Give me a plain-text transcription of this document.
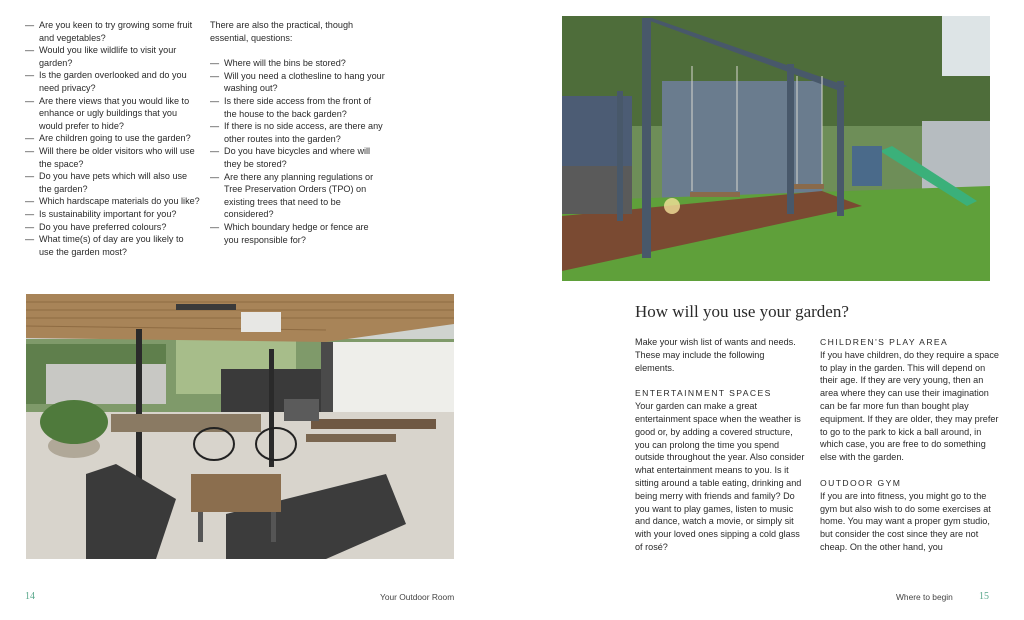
— Are you keen to try growing some fruit and vegetables?
— Would you like wildlife to visit your garden?
— Is the garden overlooked and do you need privacy?
— Are there views that you would like to enhance or ugly buildings that you would prefer to hide?
— Are children going to use the garden?
— Will there be older visitors who will use the space?
— Do you have pets which will also use the garden?
— Which hardscape materials do you like?
— Is sustainability important for you?
— Do you have preferred colours?
— What time(s) of day are you likely to use the garden most?

There are also the practical, though essential, questions:

— Where will the bins be stored?
— Will you need a clothesline to hang your washing out?
— Is there side access from the front of the house to the back garden?
— If there is no side access, are there any other routes into the garden?
— Do you have bicycles and where will they be stored?
— Are there any planning regulations or Tree Preservation Orders (TPO) on existing trees that need to be considered?
— Which boundary hedge or fence are you responsible for?
14	Your Outdoor Room
How will you use your garden?

Make your wish list of wants and needs. These may include the following elements.

ENTERTAINMENT SPACES

Your garden can make a great entertainment space when the weather is good or, by adding a covered structure, you can prolong the time you spend outside throughout the year. Also consider what entertainment means to you. Is it sitting around a table eating, drinking and being merry with friends and family? Do you want to play games, listen to music and dance, watch a movie, or simply sit with your loved ones sipping a cold glass of rosé?

CHILDREN'S PLAY AREA

If you have children, do they require a space to play in the garden. This will depend on their age. If they are very young, then an area where they can use their imagination can be far more fun than bought play equipment. If they are older, they may prefer to go to the park to kick a ball around, in which case, you are free to do something else with the garden.

OUTDOOR GYM

If you are into fitness, you might go to the gym but also wish to do some exercises at home. You may want a proper gym studio, but consider the cost since they are not cheap. On the other hand, you

Where to begin	15
